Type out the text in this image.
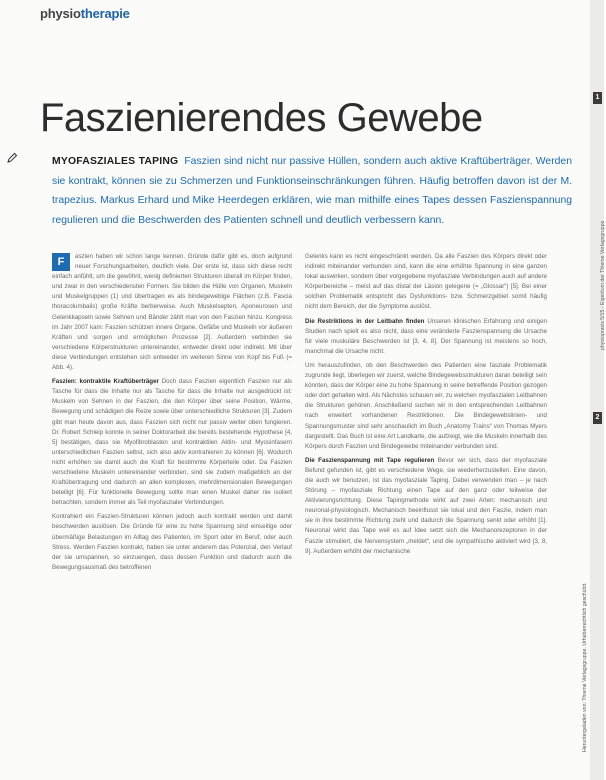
physiotherapie
Faszienierendes Gewebe
MYOFASZIALES TAPING Faszien sind nicht nur passive Hüllen, sondern auch aktive Kraftüberträger. Werden sie kontrakt, können sie zu Schmerzen und Funktionseinschränkungen führen. Häufig betroffen davon ist der M. trapezius. Markus Erhard und Mike Heerdegen erklären, wie man mithilfe eines Tapes dessen Faszienspannung regulieren und die Beschwerden des Patienten schnell und deutlich verbessern kann.

F	aszien haben wir schon lange kennen. Gründe dafür gibt es, doch aufgrund neuer Forschungsarbeiten, deutlich viele. Der erste ist, dass sich diese recht einfach anfühlt, um die gewöhnt, wenig definierten Strukturen überall im Körper finden, und zwar in den verschiedensten Formen. Sie bilden die Hülle von Organen, Muskeln und Muskelgruppen (1) und übertragen es als bindegewebige Flächen (z.B. Fascia thoracolumbalis) große Kräfte berberweise. Auch Muskelsepten, Aponeurosen und Gelenkkapseln sowie Sehnen und Bänder zählt man von den Faszien hinzu. Kongress im Jahr 2007 kam: Faszien schützen innere Organe, Gefäße und Muskeln vor äußeren Kräften und sorgen und ermöglichen Prozesse [2]. Außerdem verbinden sie verschiedene Körperstrukturen untereinander, entweder direkt oder indirekt. Mit über diese Verbindungen entstehen sich entweder im weiteren Sinne von Kopf bis Fuß (= Abb. 4).

Faszien: kontraktile Kraftüberträger Doch dass Faszien eigentlich Faszien nur als Tasche für dass die Inhalte nur als Tasche für dass die Inhalte nur ausgedrückt ist: Muskeln von Sehnen in der Faszien, die den Körper über seine Position, Wärme, Bewegung und schädigen die Reize sowie über unterschiedliche Strukturen [3]. Zudem gibt man heute davon aus, dass Faszien sich nicht nur passiv weiter oben fungieren. Dr. Robert Schleip konnte in seiner Doktorarbeit die bereits bestehende Hypothese [4, 5] bestätigen, dass sie Myofibroblasten und kontraktilen Aktin- und Myosinfasern unterschiedlichen Faszien selbst, sich also aktiv kontrahieren zu können [6]. Wodurch nicht erhöhen sie damit auch die Kraft für bestimmte Körperteile oder. Da Faszien verschiedene Muskeln untereinander verbinden, sind sie zudem maßgeblich an der Kraftübertragung und dadurch an allen komplexen, mehrdimensionalen Bewegungen beteiligt [6]. Für funktionelle Bewegung sollte man einen Muskel daher nie isoliert betrachten, sondern immer als Teil myofaszialer Verbindungen.

Kontrahiert ein Faszien-Strukturen können jedoch auch kontrakt werden und damit beschwerden auslösen. Die Gründe für eine zu hohe Spannung sind einseitige oder übermäßige Belastungen im Alltag des Patienten, im Sport oder im Beruf, oder auch Stress. Werden Faszien kontrakt, haben sie unter anderem das Potenzial, den Verlauf der sie umspannen, so einzuengen, dass dessen Funktion und dadurch auch die Bewegungsausmaß des betroffenen

Gelenks kann es nicht eingeschränkt werden. Da alle Faszien des Körpers direkt oder indirekt miteinander verbunden sind, kann die eine erhöhte Spannung in eine ganzen lokal auswirken, sondern über vorgegebene myofasziale Verbindungen auch auf andere Körperbereiche – meist auf das distal der Läsion gelegene (= „Glossar“) [5]. Bei einer solchen Problematik entspricht das Dysfunktions- bzw. Schmerzgebiet somit häufig nicht dem Bereich, der die Symptome auslöst.

Die Restriktions in der Leitbahn finden Unseren klinischen Erfahrung und einigen Studien nach spielt es also nicht, dass eine veränderte Faszienspannung die Ursache für viele muskuläre Beschwerden ist [3, 4, 8]. Der Spannung ist meistens so hoch, manchmal die Ursache nicht.

Um herauszufinden, ob den Beschwerden des Patienten eine fasziale Problematik zugrunde liegt, überlegen wir zuerst, welche Bindegewebsstrukturen daran beteiligt sein könnten, dass der Körper eine zu hohe Spannung in seine betreffende Position gezogen oder dort gehalten wird. Als Nächstes schauen wir, zu welchen myofaszialen Leitbahnen die Strukturen gehören. Anschließend suchen wir in den entsprechenden Leitbahnen nach erweitert vorhandenen Restriktionen. Die Bindegewebslinien- und Spannungsmuster sind sehr anschaulich im Buch „Anatomy Trains“ von Thomas Myers dargestellt. Das Buch ist eine Art Landkarte, die aufzeigt, wie die Muskeln innerhalb des Körpers durch Faszien und Bindegewebe miteinander verbunden sind.

Die Faszienspannung mit Tape regulieren Bevor wir sich, dass der myofasziale Befund gefunden ist, gibt es verschiedene Wege, sie wiederherzustellen. Eine davon, die auch wir benutzen, ist das myofasziale Taping. Dabei verwenden man – je nach Störung – myofasziale Richtung einen Tape auf den ganz oder teilweise der Aktivierungsrichtung. Diese Tapingmethode wirkt auf zwei Arten: mechanisch und neuronal-physiologisch. Mechanisch beeinflusst sie lokal und den Faszie, indem man sie in ihre bestimmte Richtung zieht und dadurch die Spannung senkt oder erhöht [1]. Neuronal wirkt das Tape weil es auf Idee setzt sich die Mechanorezeptoren in der Faszie stimuliert, die Nervensystem „meldet“, und die sympathische aktiviert wird [3, 8, 9]. Außerdem erhöht der mechanische

1
2
physiopraxis 5/15 · Eigentum der Thieme Verlagsgruppe
Heruntergeladen von: Thieme Verlagsgruppe. Urheberrechtlich geschützt.
